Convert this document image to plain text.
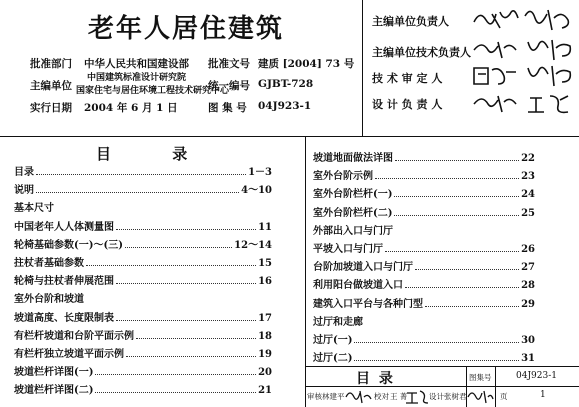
老年人居住建筑
批准部门 中华人民共和国建设部
主编单位
中国建筑标准设计研究院
国家住宅与居住环境工程技术研究中心
实行日期 2004 年 6 月 1 日
批准文号 建质 [2004] 73 号
统一编号 GJBT-728
图 集 号 04J923-1
主编单位负责人
主编单位技术负责人
技 术 审 定 人
设 计 负 责 人
目 录
目录	1－3
说明	4～10
基本尺寸
中国老年人人体测量图	11
轮椅基础参数(一)～(三)	12～14
拄杖者基础参数	15
轮椅与拄杖者伸展范围	16
室外台阶和坡道
坡道高度、长度限制表	17
有栏杆坡道和台阶平面示例	18
有栏杆独立坡道平面示例	19
坡道栏杆详图(一)	20
坡道栏杆详图(二)	21
坡道地面做法详图	22
室外台阶示例	23
室外台阶栏杆(一)	24
室外台阶栏杆(二)	25
外部出入口与门厅
平坡入口与门厅	26
台阶加坡道入口与门厅	27
利用阳台做坡道入口	28
建筑入口平台与各种门型	29
过厅和走廊
过厅(一)	30
过厅(二)	31
目 录	图集号	04J923-1
审核 林建平	校对 王 菁	设计 张树君	页	1
